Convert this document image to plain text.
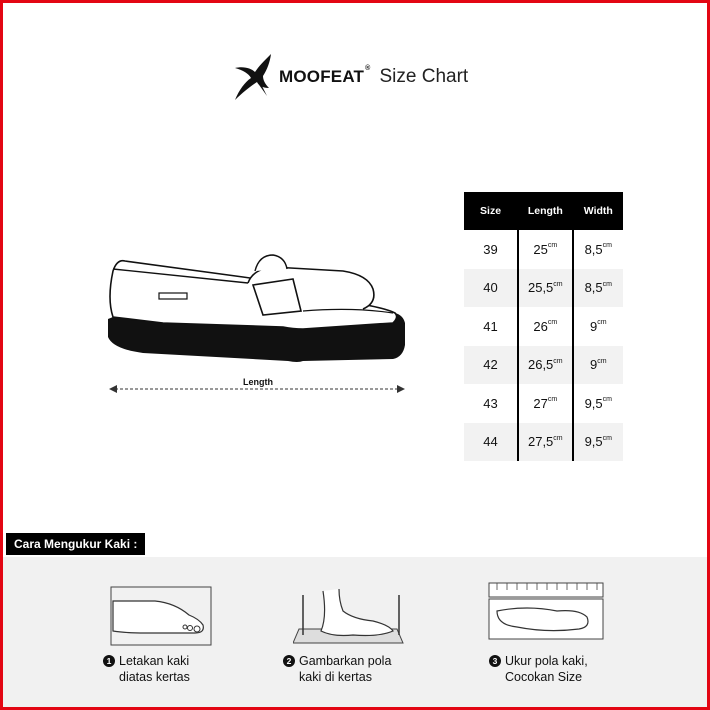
MOOFEAT® Size Chart
Length
Size	Length	Width
39	$25^{cm}$	$8,5^{cm}$
40	$25,5^{cm}$	$8,5^{cm}$
41	$26^{cm}$	$9^{cm}$
42	$26,5^{cm}$	$9^{cm}$
43	$27^{cm}$	$9,5^{cm}$
44	$27,5^{cm}$	$9,5^{cm}$
Cara Mengukur Kaki :
1 Letakan kaki
diatas kertas
2 Gambarkan pola
kaki di kertas
3 Ukur pola kaki,
Cocokan Size
